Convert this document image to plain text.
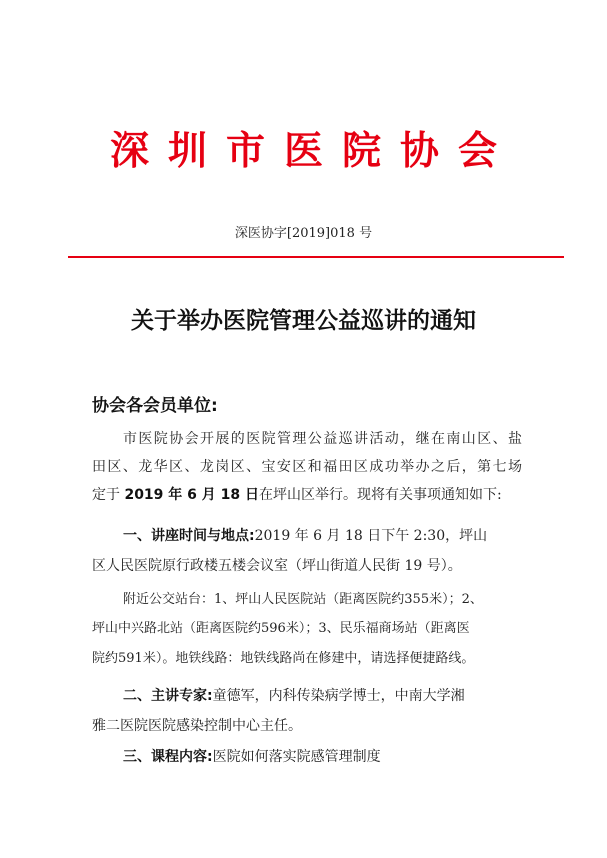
深圳市医院协会
深医协字[2019]018 号
关于举办医院管理公益巡讲的通知
协会各会员单位:
市医院协会开展的医院管理公益巡讲活动，继在南山区、盐
田区、龙华区、龙岗区、宝安区和福田区成功举办之后，第七场
定于 2019 年 6 月 18 日在坪山区举行。现将有关事项通知如下:
一、讲座时间与地点:2019 年 6 月 18 日下午 2:30，坪山
区人民医院原行政楼五楼会议室（坪山街道人民街 19 号）。
附近公交站台：1、坪山人民医院站（距离医院约355米）；2、
坪山中兴路北站（距离医院约596米）；3、民乐福商场站（距离医
院约591米）。地铁线路：地铁线路尚在修建中，请选择便捷路线。
二、主讲专家:童德军，内科传染病学博士，中南大学湘
雅二医院医院感染控制中心主任。
三、课程内容:医院如何落实院感管理制度
